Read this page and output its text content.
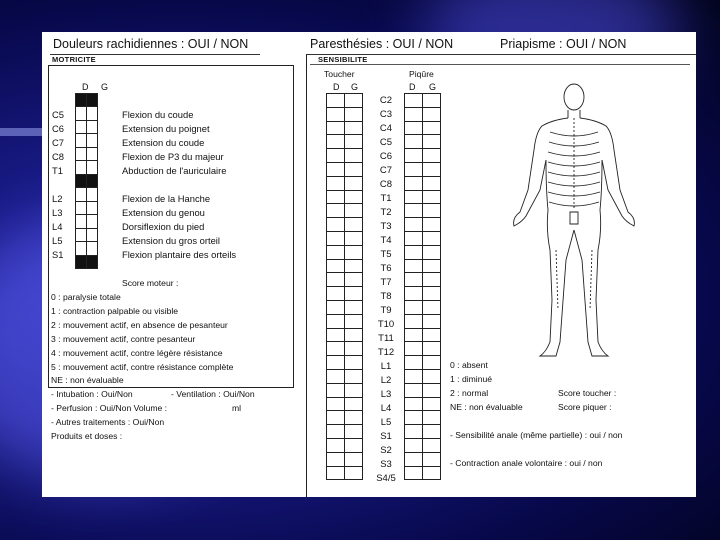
Douleurs rachidiennes : OUI / NON	Paresthésies : OUI / NON	Priapisme : OUI / NON
MOTRICITE
D G

C5	Flexion du coude
C6	Extension du poignet
C7	Extension du coude
C8	Flexion de P3 du majeur
T1	Abduction de l'auriculaire
L2	Flexion de la Hanche
L3	Extension du genou
L4	Dorsiflexion du pied
L5	Extension du gros orteil
S1	Flexion plantaire des orteils
Score moteur :
0 : paralysie totale
1 : contraction palpable ou visible
2 : mouvement actif, en absence de pesanteur
3 : mouvement actif, contre pesanteur
4 : mouvement actif, contre légère résistance
5 : mouvement actif, contre résistance complète
NE : non évaluable
- Intubation : Oui/Non	- Ventilation : Oui/Non
- Perfusion : Oui/Non Volume :	ml
- Autres traitements : Oui/Non
Produits et doses :
SENSIBILITE
Toucher	Piqûre
D G	D G

C2
C3
C4
C5
C6
C7
C8
T1
T2
T3
T4
T5
T6
T7
T8
T9
T10
T11
T12
L1
L2
L3
L4
L5
S1
S2
S3
S4/5
0 : absent
1 : diminué
2 : normal
NE : non évaluable
Score toucher :
Score piquer :
- Sensibilité anale (même partielle) : oui / non
- Contraction anale volontaire : oui / non
